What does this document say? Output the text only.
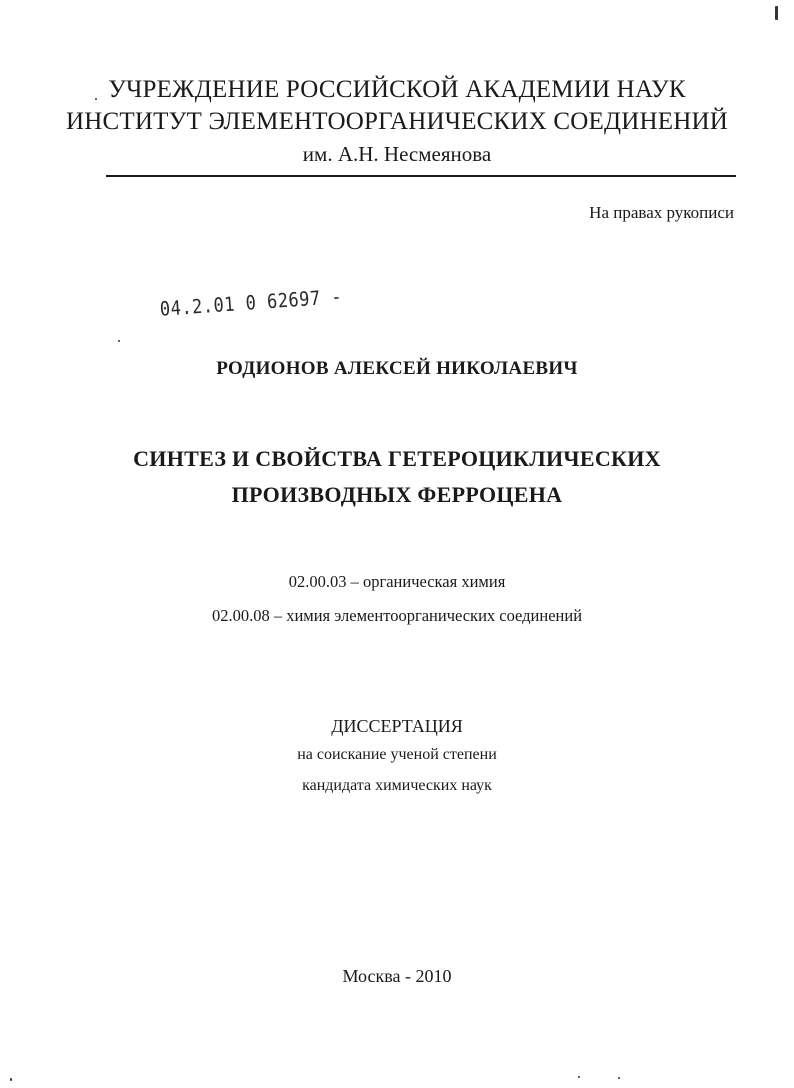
УЧРЕЖДЕНИЕ РОССИЙСКОЙ АКАДЕМИИ НАУК
ИНСТИТУТ ЭЛЕМЕНТООРГАНИЧЕСКИХ СОЕДИНЕНИЙ
им. А.Н. Несмеянова
На правах рукописи
04.2.01 0 62697 -
РОДИОНОВ АЛЕКСЕЙ НИКОЛАЕВИЧ
СИНТЕЗ И СВОЙСТВА ГЕТЕРОЦИКЛИЧЕСКИХ
ПРОИЗВОДНЫХ ФЕРРОЦЕНА
02.00.03 – органическая химия
02.00.08 – химия элементоорганических соединений
ДИССЕРТАЦИЯ
на соискание ученой степени
кандидата химических наук
Москва - 2010
